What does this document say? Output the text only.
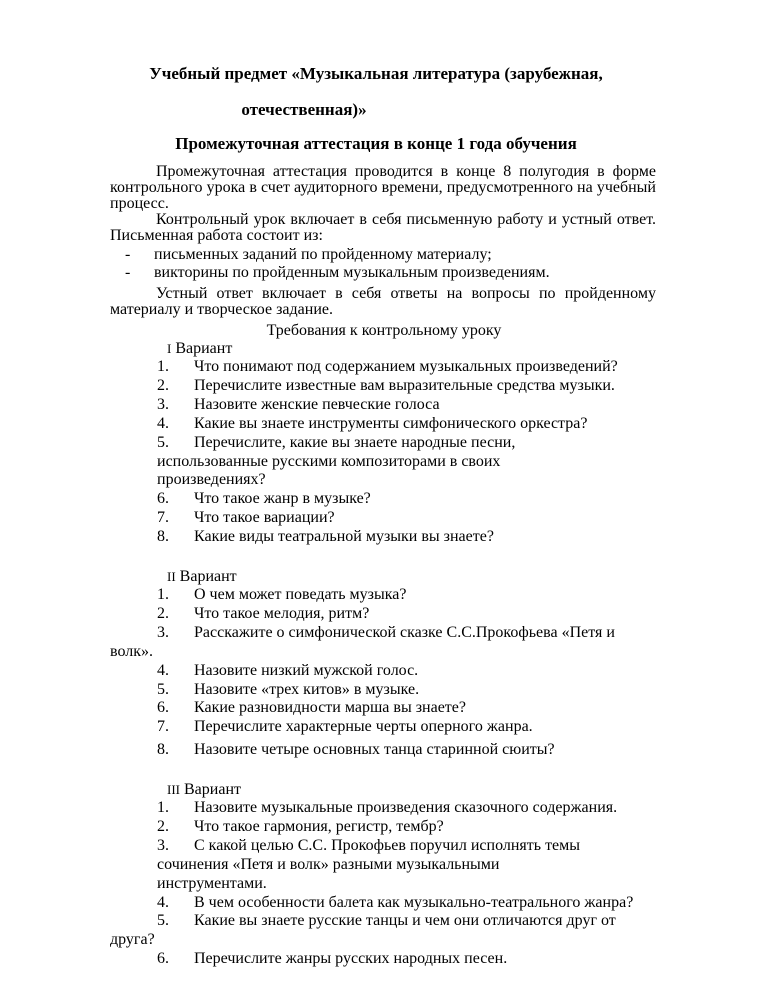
Учебный предмет «Музыкальная литература (зарубежная,

отечественная)»

Промежуточная аттестация в конце 1 года обучения

Промежуточная аттестация проводится в конце 8 полугодия в форме контрольного урока в счет аудиторного времени, предусмотренного на учебный процесс.

Контрольный урок включает в себя письменную работу и устный ответ. Письменная работа состоит из:

-	письменных заданий по пройденному материалу;
-	викторины по пройденным музыкальным произведениям.

Устный ответ включает в себя ответы на вопросы по пройденному материалу и творческое задание.

Требования к контрольному уроку

I Вариант

1. Что понимают под содержанием музыкальных произведений?
2. Перечислите известные вам выразительные средства музыки.
3. Назовите женские певческие голоса
4. Какие вы знаете инструменты симфонического оркестра?
5. Перечислите, какие вы знаете народные песни,
использованные русскими композиторами в своих
произведениях?
6. Что такое жанр в музыке?
7. Что такое вариации?
8. Какие виды театральной музыки вы знаете?

II Вариант

1. О чем может поведать музыка?
2. Что такое мелодия, ритм?
3. Расскажите о симфонической сказке С.С.Прокофьева «Петя и
волк».
4. Назовите низкий мужской голос.
5. Назовите «трех китов» в музыке.
6. Какие разновидности марша вы знаете?
7. Перечислите характерные черты оперного жанра.
8. Назовите четыре основных танца старинной сюиты?

III Вариант

1. Назовите музыкальные произведения сказочного содержания.
2. Что такое гармония, регистр, тембр?
3. С какой целью С.С. Прокофьев поручил исполнять темы
сочинения «Петя и волк» разными музыкальными
инструментами.
4. В чем особенности балета как музыкально-театрального жанра?
5. Какие вы знаете русские танцы и чем они отличаются друг от
друга?
6. Перечислите жанры русских народных песен.
